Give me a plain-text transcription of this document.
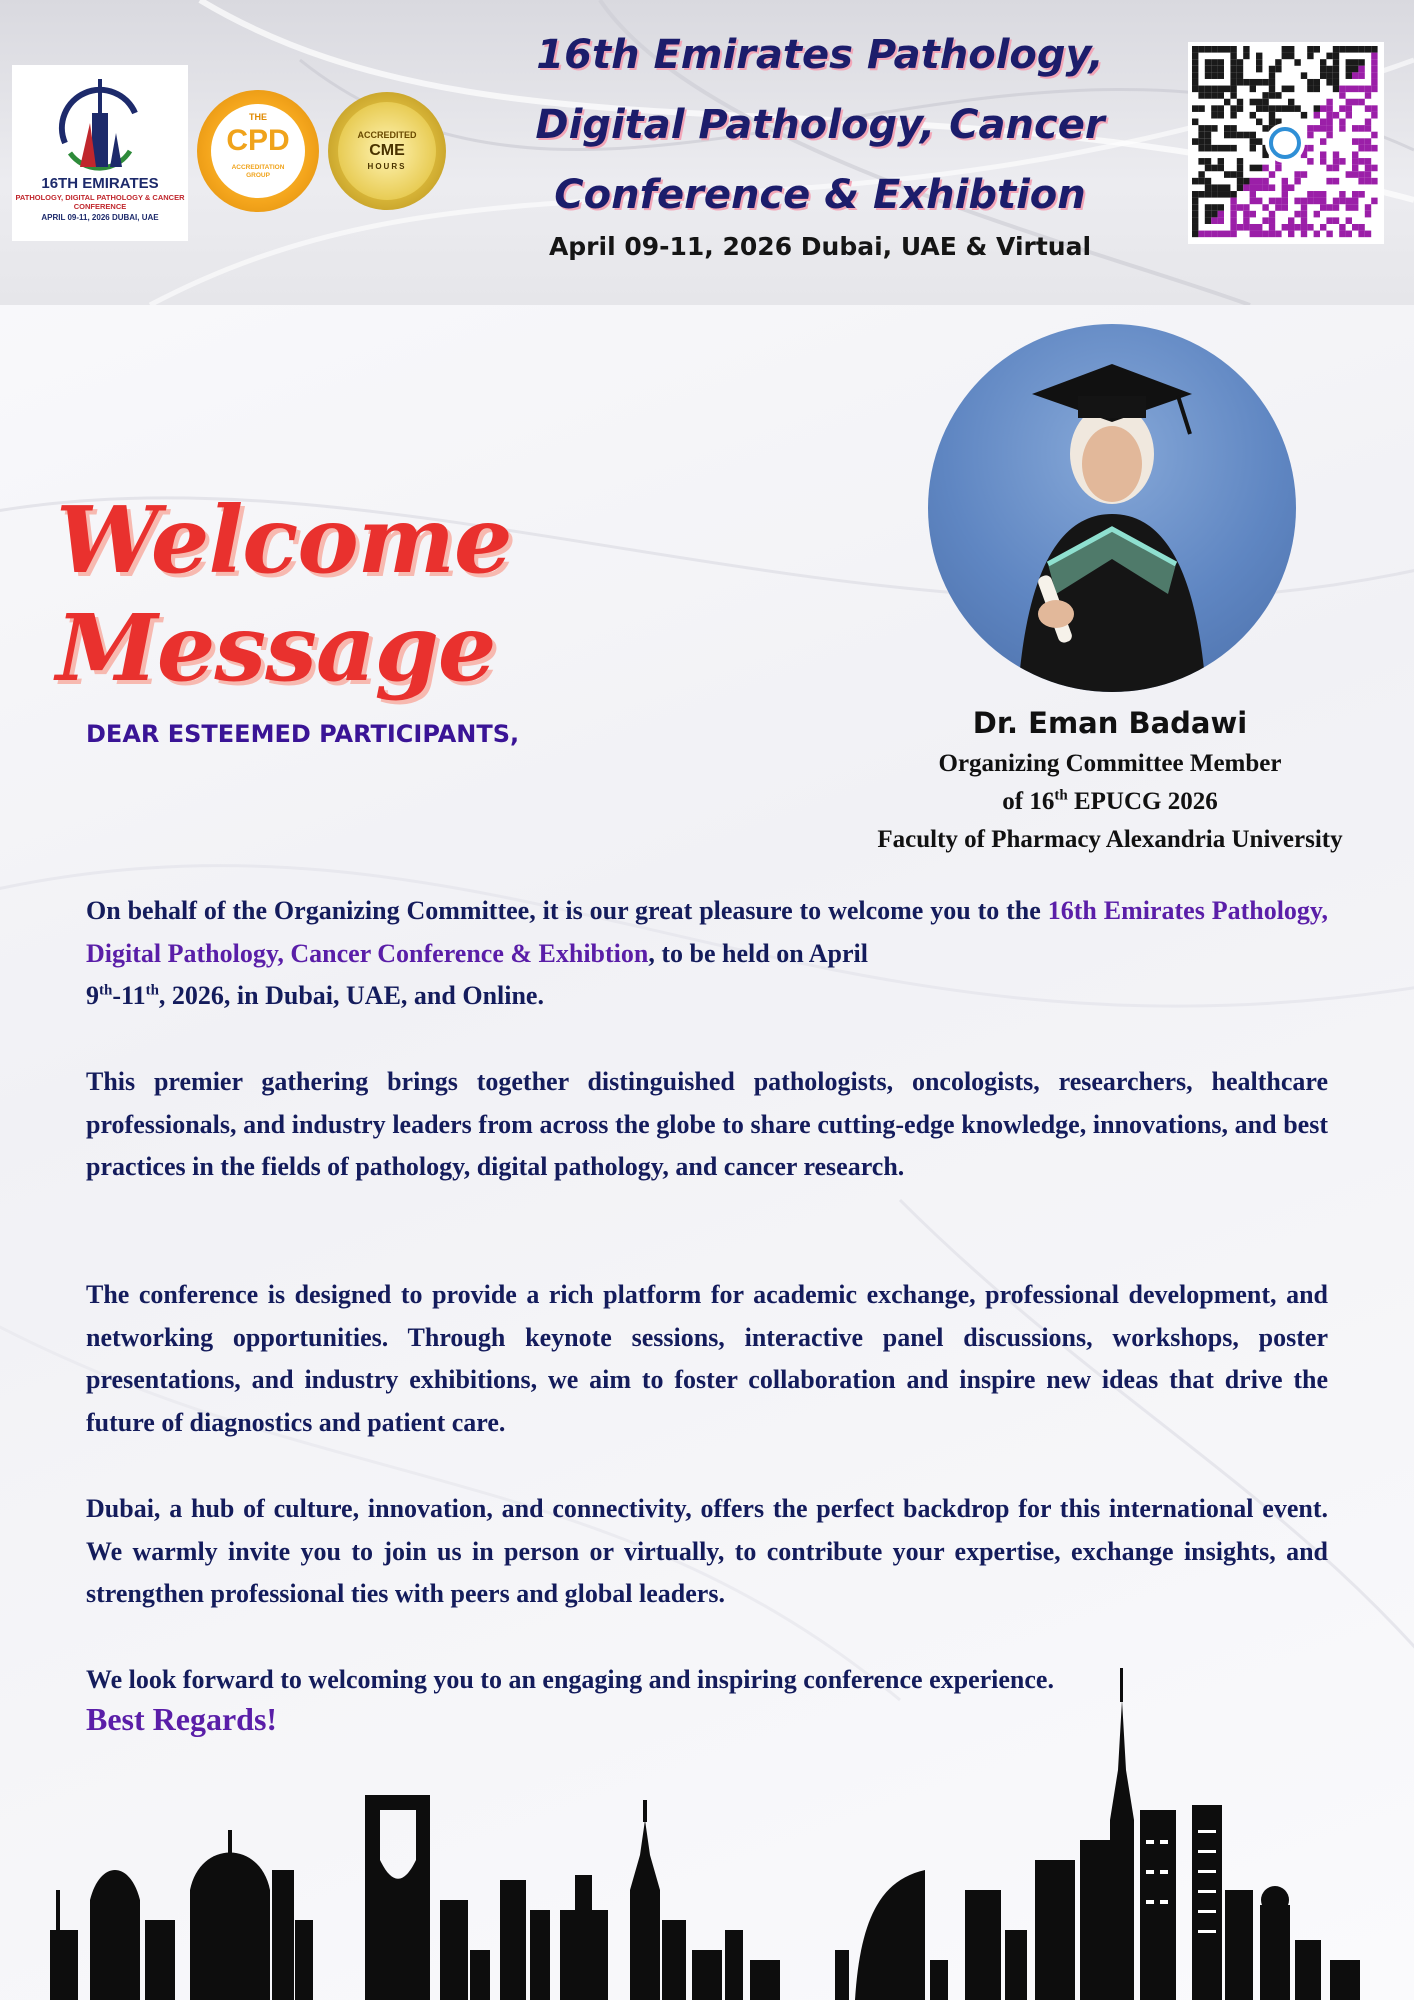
16TH EMIRATES
PATHOLOGY, DIGITAL PATHOLOGY & CANCER CONFERENCE
APRIL 09-11, 2026 DUBAI, UAE
THE
CPD
ACCREDITATION GROUP
ACCREDITED
CME
HOURS
16th Emirates Pathology,
Digital Pathology, Cancer
Conference & Exhibtion
April 09-11, 2026 Dubai, UAE & Virtual
Welcome Message
DEAR ESTEEMED PARTICIPANTS,	Dr. Eman Badawi
Organizing Committee Member
of 16th EPUCG 2026
Faculty of Pharmacy Alexandria University
On behalf of the Organizing Committee, it is our great pleasure to welcome you to the 16th Emirates Pathology, Digital Pathology, Cancer Conference & Exhibtion, to be held on April
9th-11th, 2026, in Dubai, UAE, and Online.
This premier gathering brings together distinguished pathologists, oncologists, researchers, healthcare professionals, and industry leaders from across the globe to share cutting-edge knowledge, innovations, and best practices in the fields of pathology, digital pathology, and cancer research.
The conference is designed to provide a rich platform for academic exchange, professional development, and networking opportunities. Through keynote sessions, interactive panel discussions, workshops, poster presentations, and industry exhibitions, we aim to foster collaboration and inspire new ideas that drive the future of diagnostics and patient care.
Dubai, a hub of culture, innovation, and connectivity, offers the perfect backdrop for this international event. We warmly invite you to join us in person or virtually, to contribute your expertise, exchange insights, and strengthen professional ties with peers and global leaders.
We look forward to welcoming you to an engaging and inspiring conference experience.
Best Regards!
